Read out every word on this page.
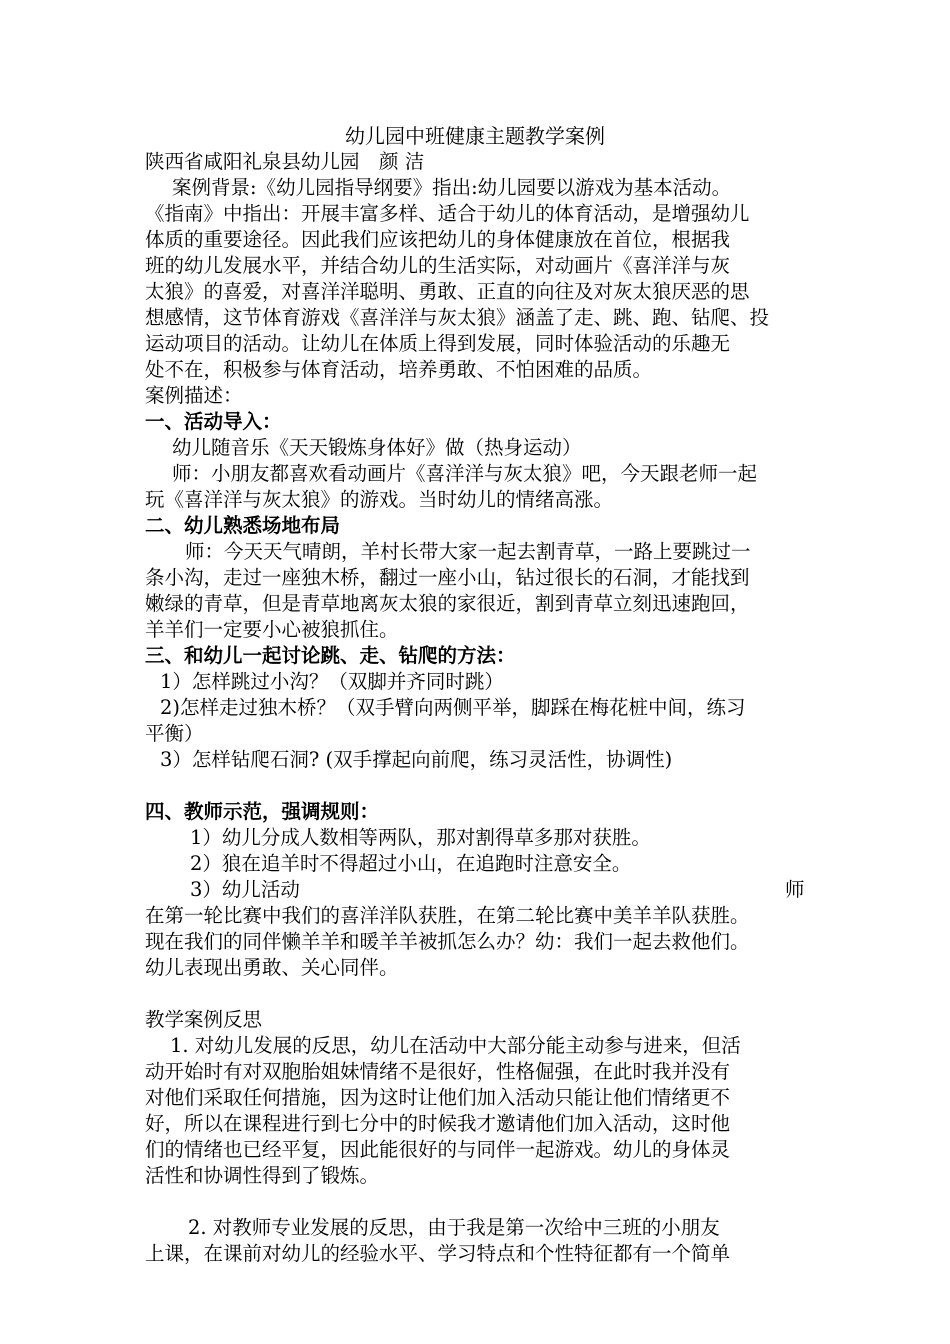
幼儿园中班健康主题教学案例
陕西省咸阳礼泉县幼儿园　颜 洁
案例背景:《幼儿园指导纲要》指出:幼儿园要以游戏为基本活动。
《指南》中指出：开展丰富多样、适合于幼儿的体育活动，是增强幼儿
体质的重要途径。因此我们应该把幼儿的身体健康放在首位，根据我
班的幼儿发展水平，并结合幼儿的生活实际，对动画片《喜洋洋与灰
太狼》的喜爱，对喜洋洋聪明、勇敢、正直的向往及对灰太狼厌恶的思
想感情，这节体育游戏《喜洋洋与灰太狼》涵盖了走、跳、跑、钻爬、投
运动项目的活动。让幼儿在体质上得到发展，同时体验活动的乐趣无
处不在，积极参与体育活动，培养勇敢、不怕困难的品质。
案例描述：
一、活动导入：
幼儿随音乐《天天锻炼身体好》做（热身运动）
师：小朋友都喜欢看动画片《喜洋洋与灰太狼》吧，今天跟老师一起
玩《喜洋洋与灰太狼》的游戏。当时幼儿的情绪高涨。
二、幼儿熟悉场地布局
师：今天天气晴朗，羊村长带大家一起去割青草，一路上要跳过一
条小沟，走过一座独木桥，翻过一座小山，钻过很长的石洞，才能找到
嫩绿的青草，但是青草地离灰太狼的家很近，割到青草立刻迅速跑回，
羊羊们一定要小心被狼抓住。
三、和幼儿一起讨论跳、走、钻爬的方法：
1）怎样跳过小沟？（双脚并齐同时跳）
2)怎样走过独木桥？（双手臂向两侧平举，脚踩在梅花桩中间，练习
平衡）
3）怎样钻爬石洞? (双手撑起向前爬，练习灵活性，协调性)
四、教师示范，强调规则：
1）幼儿分成人数相等两队，那对割得草多那对获胜。
2）狼在追羊时不得超过小山，在追跑时注意安全。
3）幼儿活动	师
在第一轮比赛中我们的喜洋洋队获胜，在第二轮比赛中美羊羊队获胜。
现在我们的同伴懒羊羊和暖羊羊被抓怎么办？幼：我们一起去救他们。
幼儿表现出勇敢、关心同伴。
教学案例反思
1. 对幼儿发展的反思，幼儿在活动中大部分能主动参与进来，但活
动开始时有对双胞胎姐妹情绪不是很好，性格倔强，在此时我并没有
对他们采取任何措施，因为这时让他们加入活动只能让他们情绪更不
好，所以在课程进行到七分中的时候我才邀请他们加入活动，这时他
们的情绪也已经平复，因此能很好的与同伴一起游戏。幼儿的身体灵
活性和协调性得到了锻炼。
2. 对教师专业发展的反思，由于我是第一次给中三班的小朋友
上课，在课前对幼儿的经验水平、学习特点和个性特征都有一个简单
